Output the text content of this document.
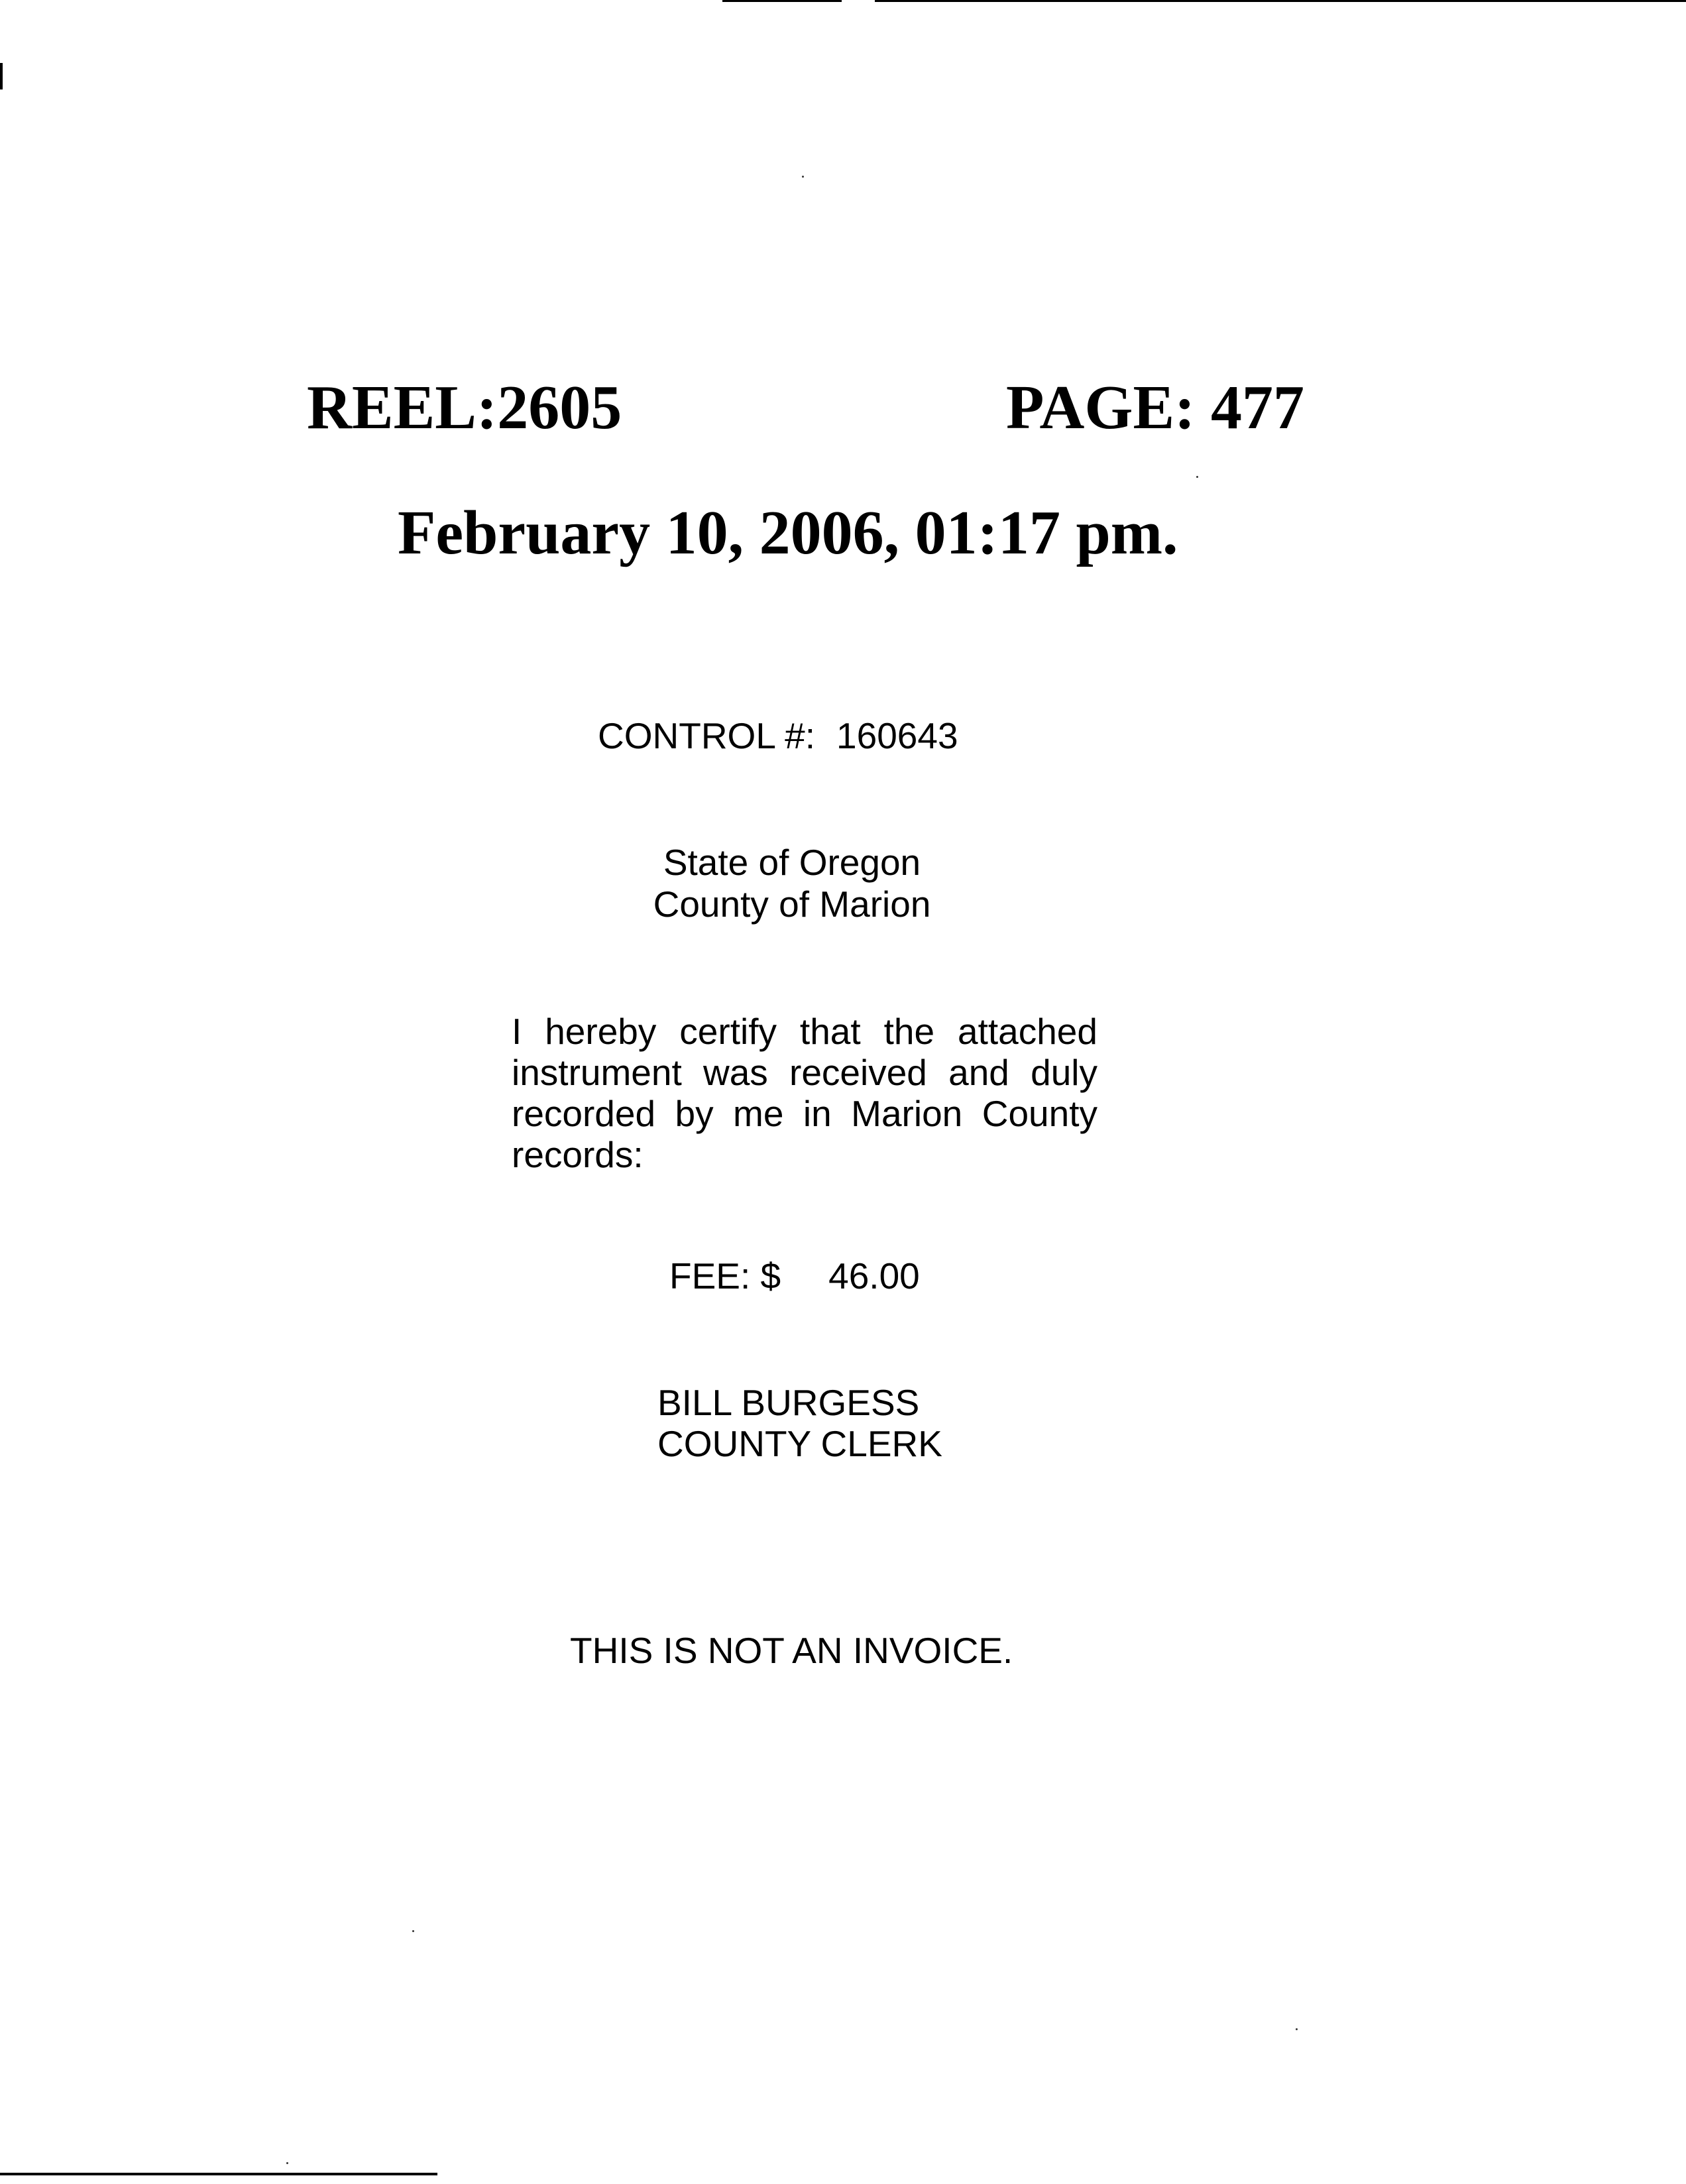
REEL:2605	PAGE: 477
February 10, 2006, 01:17 pm.
CONTROL #: 160643
State of Oregon
County of Marion
I hereby certify that the attached instrument was received and duly recorded by me in Marion County records:
FEE: $ 46.00
BILL BURGESS
COUNTY CLERK
THIS IS NOT AN INVOICE.
